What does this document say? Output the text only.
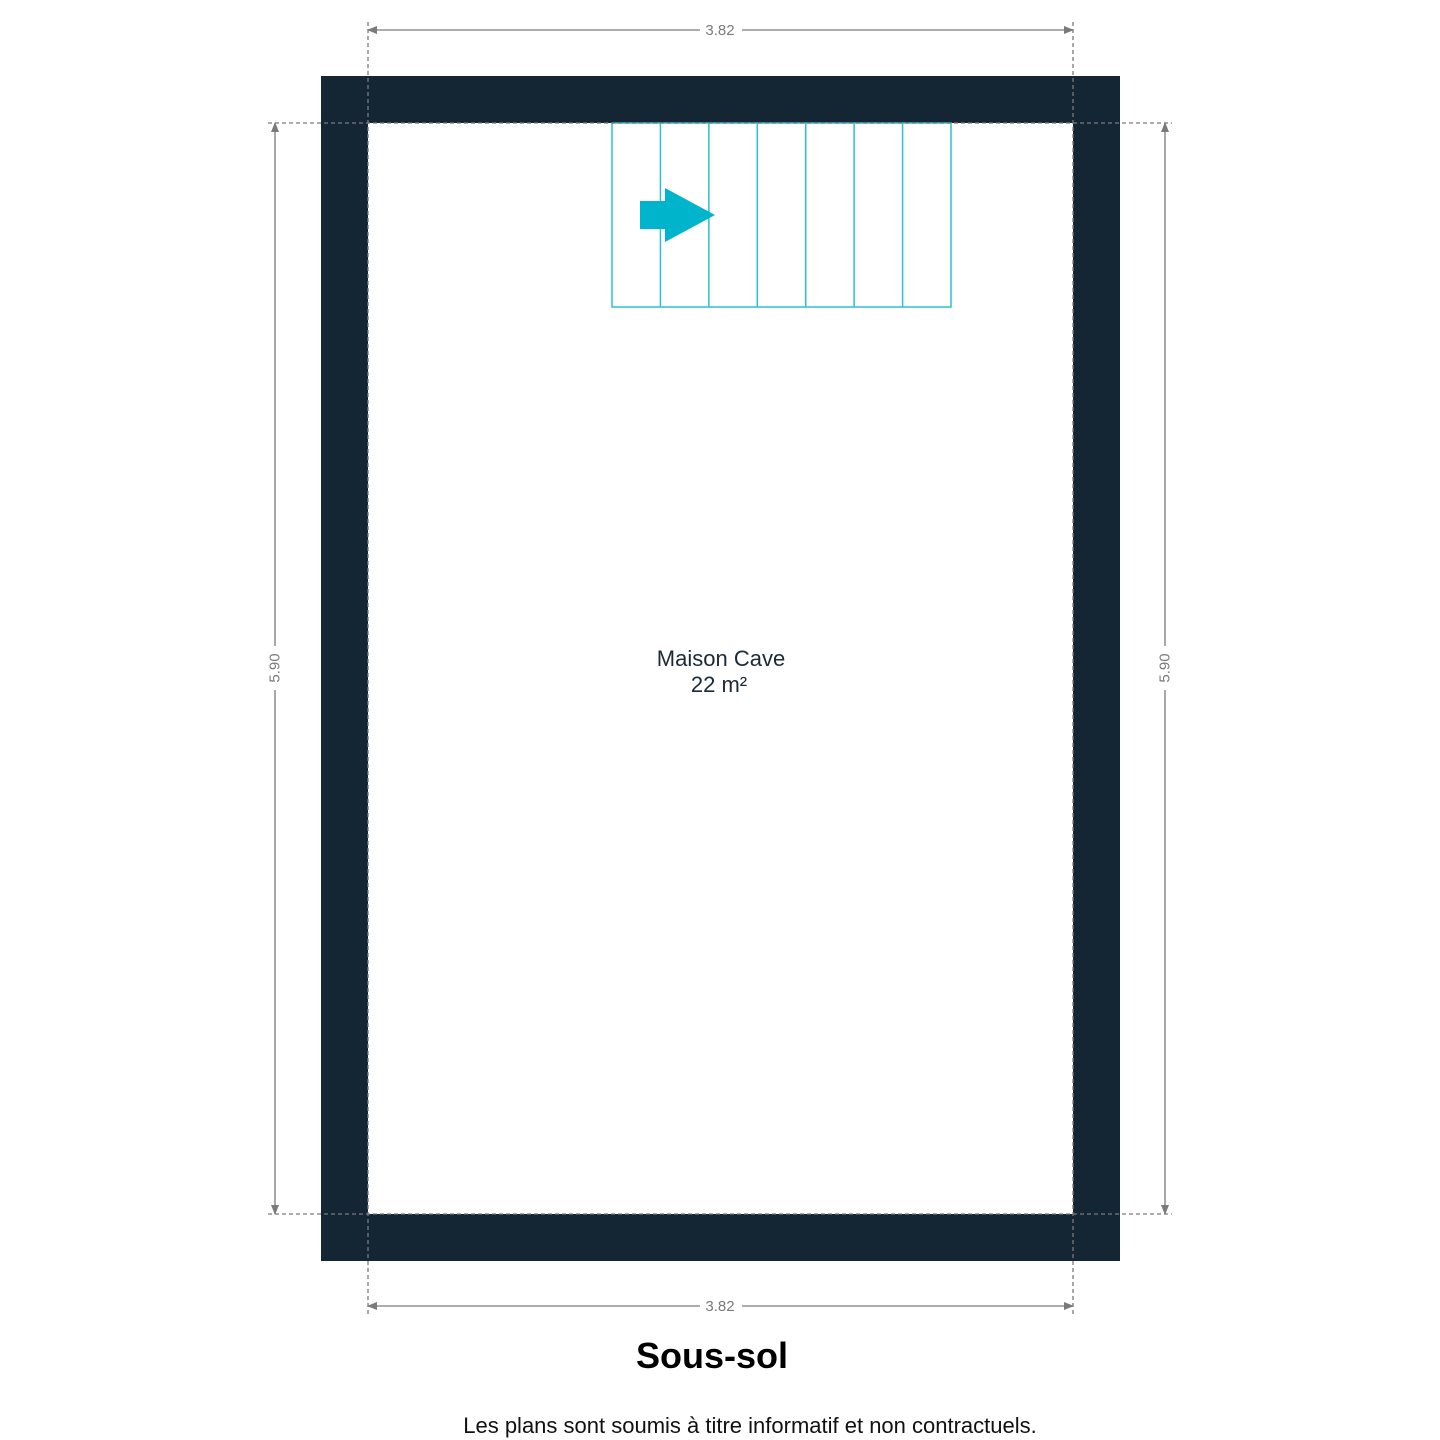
3.82
3.82
5.90	5.90
Maison Cave
22 m²
Sous-sol
Les plans sont soumis à titre informatif et non contractuels.
